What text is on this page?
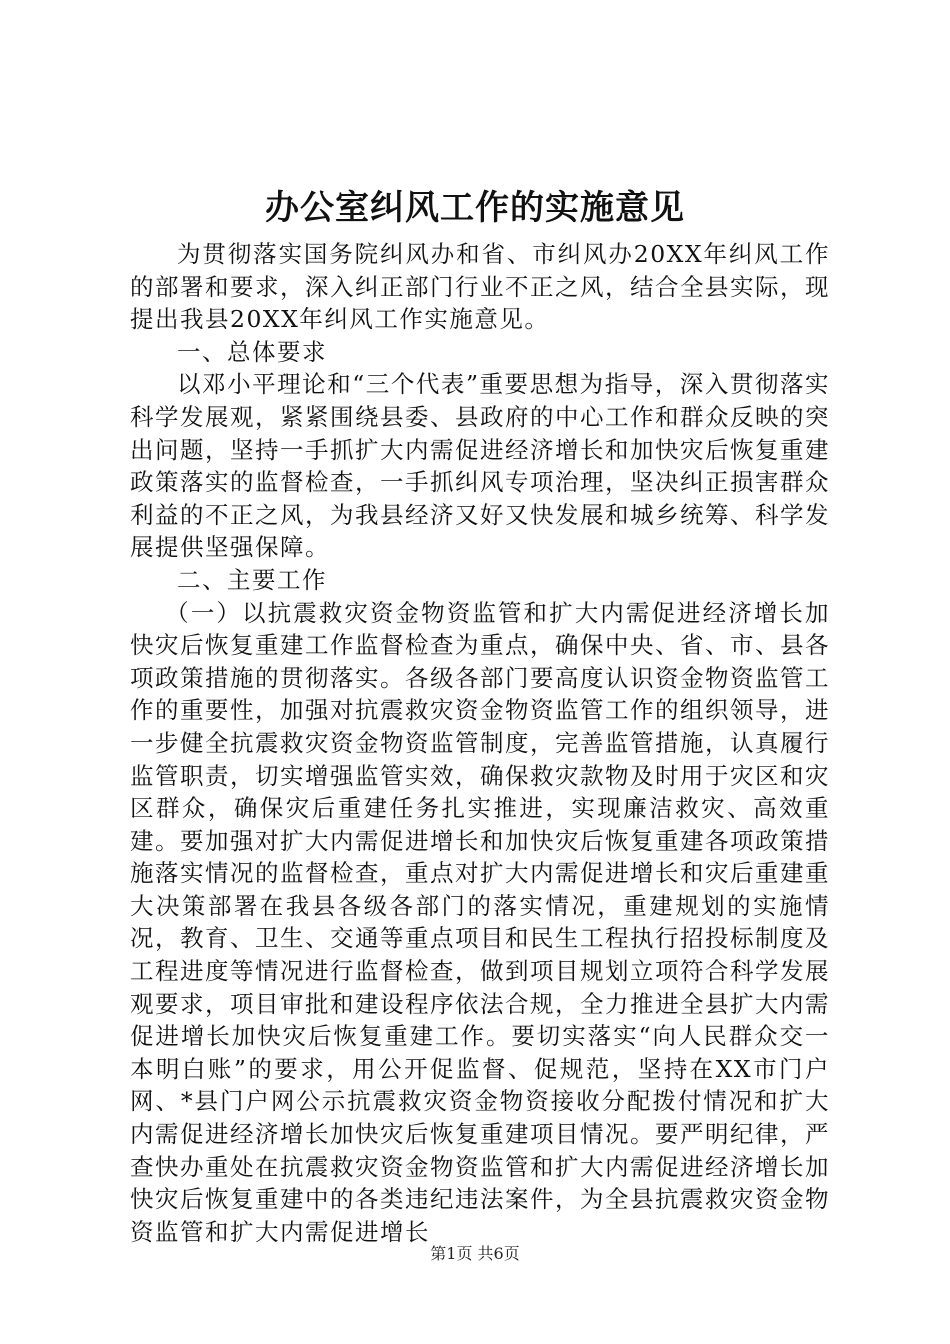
办公室纠风工作的实施意见

为贯彻落实国务院纠风办和省、市纠风办20XX年纠风工作的部署和要求，深入纠正部门行业不正之风，结合全县实际，现提出我县20XX年纠风工作实施意见。

一、总体要求

以邓小平理论和“三个代表”重要思想为指导，深入贯彻落实科学发展观，紧紧围绕县委、县政府的中心工作和群众反映的突出问题，坚持一手抓扩大内需促进经济增长和加快灾后恢复重建政策落实的监督检查，一手抓纠风专项治理，坚决纠正损害群众利益的不正之风，为我县经济又好又快发展和城乡统筹、科学发展提供坚强保障。

二、主要工作

（一）以抗震救灾资金物资监管和扩大内需促进经济增长加快灾后恢复重建工作监督检查为重点，确保中央、省、市、县各项政策措施的贯彻落实。各级各部门要高度认识资金物资监管工作的重要性，加强对抗震救灾资金物资监管工作的组织领导，进一步健全抗震救灾资金物资监管制度，完善监管措施，认真履行监管职责，切实增强监管实效，确保救灾款物及时用于灾区和灾区群众，确保灾后重建任务扎实推进，实现廉洁救灾、高效重建。要加强对扩大内需促进增长和加快灾后恢复重建各项政策措施落实情况的监督检查，重点对扩大内需促进增长和灾后重建重大决策部署在我县各级各部门的落实情况，重建规划的实施情况，教育、卫生、交通等重点项目和民生工程执行招投标制度及工程进度等情况进行监督检查，做到项目规划立项符合科学发展观要求，项目审批和建设程序依法合规，全力推进全县扩大内需促进增长加快灾后恢复重建工作。要切实落实“向人民群众交一本明白账”的要求，用公开促监督、促规范，坚持在XX市门户网、*县门户网公示抗震救灾资金物资接收分配拨付情况和扩大内需促进经济增长加快灾后恢复重建项目情况。要严明纪律，严查快办重处在抗震救灾资金物资监管和扩大内需促进经济增长加快灾后恢复重建中的各类违纪违法案件，为全县抗震救灾资金物资监管和扩大内需促进增长

第1页 共6页
